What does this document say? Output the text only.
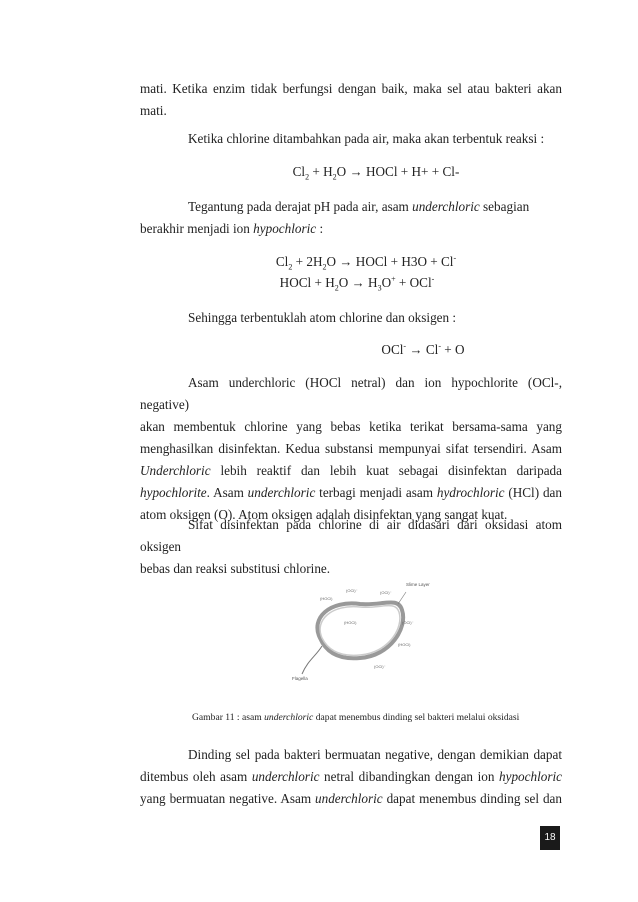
mati. Ketika enzim tidak berfungsi dengan baik, maka sel atau bakteri akan
mati.
Ketika chlorine ditambahkan pada air, maka akan terbentuk reaksi :
$Cl_2 + H_2O$ → HOCl + H+ + Cl-
Tegantung pada derajat pH pada air, asam underchloric sebagian
berakhir menjadi ion hypochloric :
$Cl_2 + 2H_2O$ → HOCl + H3O + Cl-
HOCl + $H_2O \to H_3O^+ + OCl^-$
Sehingga terbentuklah atom chlorine dan oksigen :
OCl- → Cl- + O
Asam underchloric (HOCl netral) dan ion hypochlorite (OCl-, negative)
akan membentuk chlorine yang bebas ketika terikat bersama-sama yang
menghasilkan disinfektan. Kedua substansi mempunyai sifat tersendiri. Asam
Underchloric lebih reaktif dan lebih kuat sebagai disinfektan daripada
hypochlorite. Asam underchloric terbagi menjadi asam hydrochloric (HCl) dan
atom oksigen (O). Atom oksigen adalah disinfektan yang sangat kuat.
Sifat disinfektan pada chlorine di air didasari dari oksidasi atom oksigen
bebas dan reaksi substitusi chlorine.
Slime Layer
Flagella
(OCl)⁻
(HOCl)
(OCl)⁻
(OCl)⁻
(HOCl)
(OCl)⁻
(HOCl)
Gambar 11 : asam underchloric dapat menembus dinding sel bakteri melalui oksidasi
Dinding sel pada bakteri bermuatan negative, dengan demikian dapat
ditembus oleh asam underchloric netral dibandingkan dengan ion hypochloric
yang bermuatan negative. Asam underchloric dapat menembus dinding sel dan
18
